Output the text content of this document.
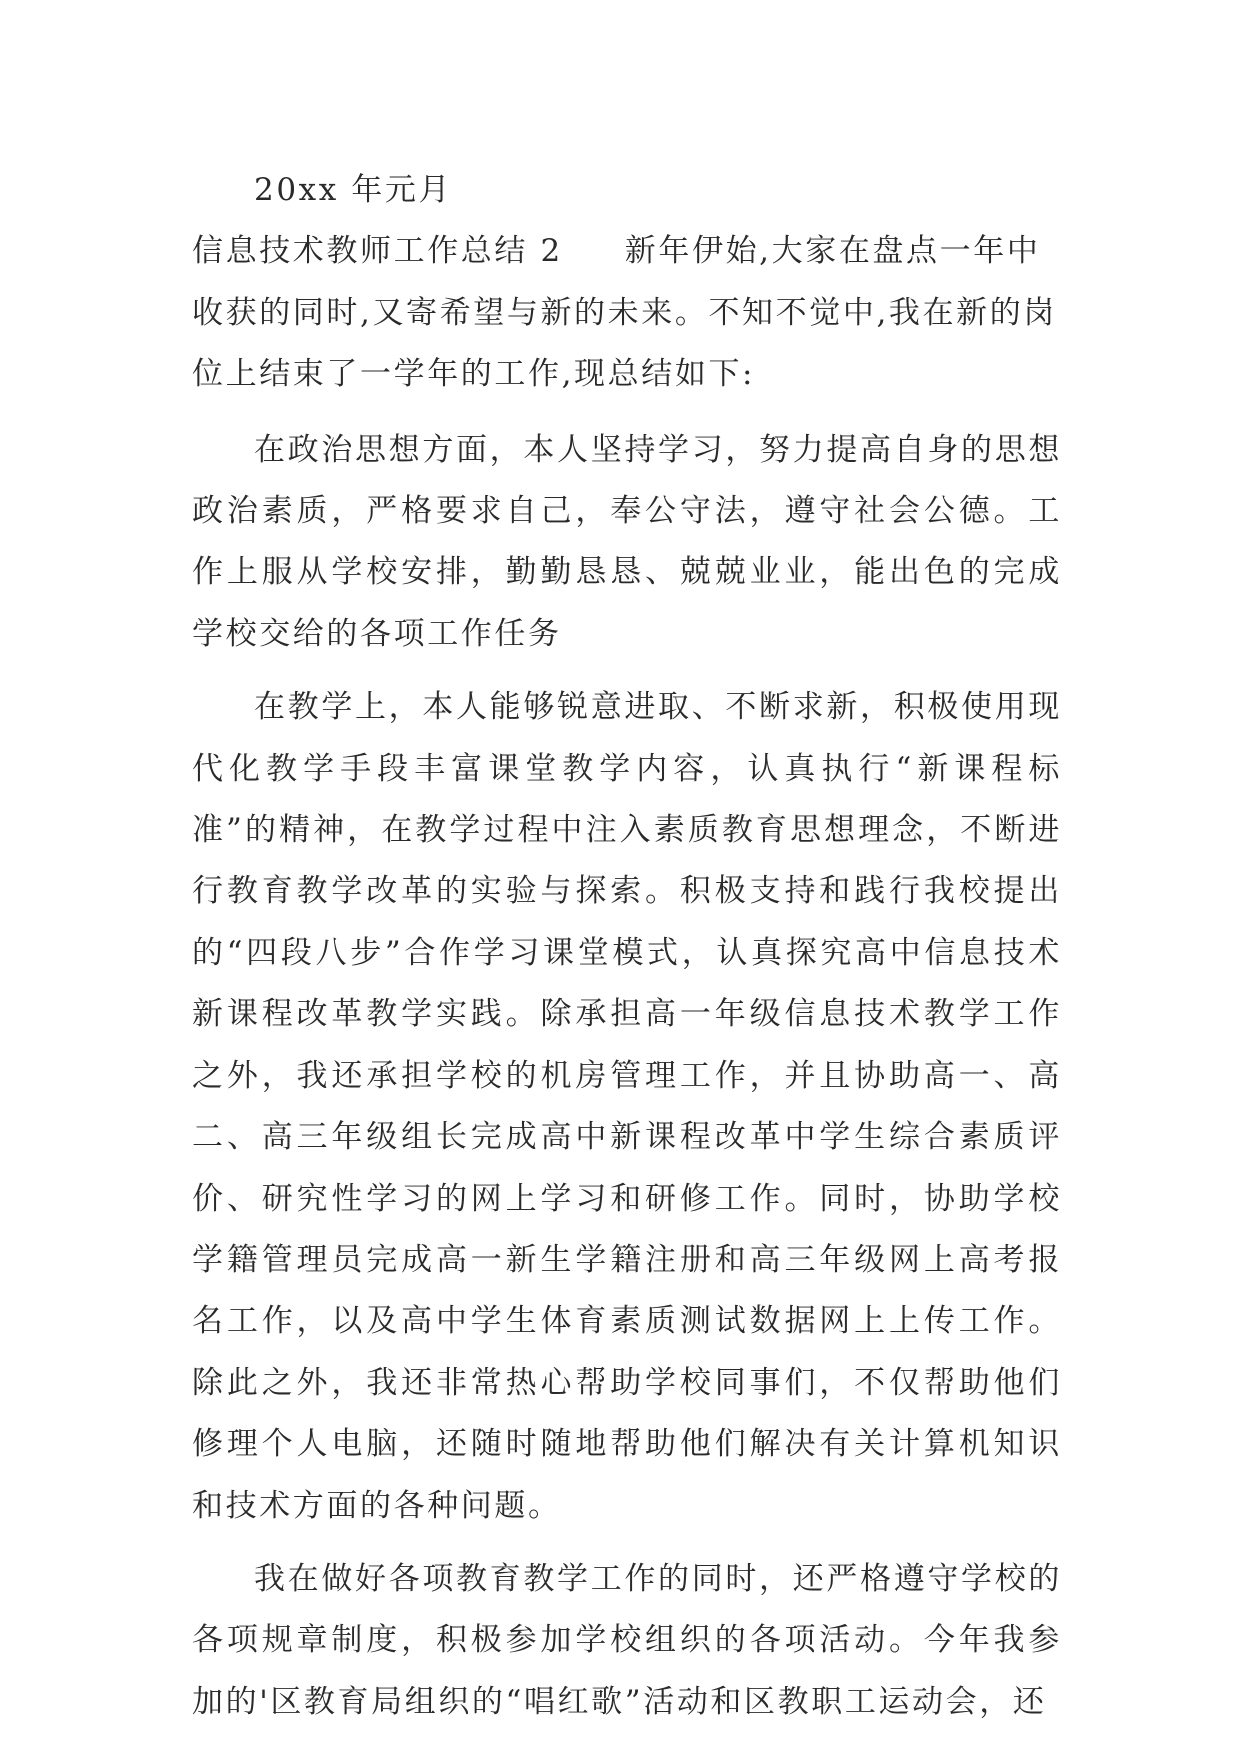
20xx 年元月

信息技术教师工作总结 2 新年伊始,大家在盘点一年中收获的同时,又寄希望与新的未来。不知不觉中,我在新的岗位上结束了一学年的工作,现总结如下:

在政治思想方面，本人坚持学习，努力提高自身的思想政治素质，严格要求自己，奉公守法，遵守社会公德。工作上服从学校安排，勤勤恳恳、兢兢业业，能出色的完成学校交给的各项工作任务

在教学上，本人能够锐意进取、不断求新，积极使用现代化教学手段丰富课堂教学内容，认真执行“新课程标准”的精神，在教学过程中注入素质教育思想理念，不断进行教育教学改革的实验与探索。积极支持和践行我校提出的“四段八步”合作学习课堂模式，认真探究高中信息技术新课程改革教学实践。除承担高一年级信息技术教学工作之外，我还承担学校的机房管理工作，并且协助高一、高二、高三年级组长完成高中新课程改革中学生综合素质评价、研究性学习的网上学习和研修工作。同时，协助学校学籍管理员完成高一新生学籍注册和高三年级网上高考报名工作，以及高中学生体育素质测试数据网上上传工作。除此之外，我还非常热心帮助学校同事们，不仅帮助他们修理个人电脑，还随时随地帮助他们解决有关计算机知识和技术方面的各种问题。

我在做好各项教育教学工作的同时，还严格遵守学校的各项规章制度，积极参加学校组织的各项活动。今年我参加的'区教育局组织的“唱红歌”活动和区教职工运动会，还
